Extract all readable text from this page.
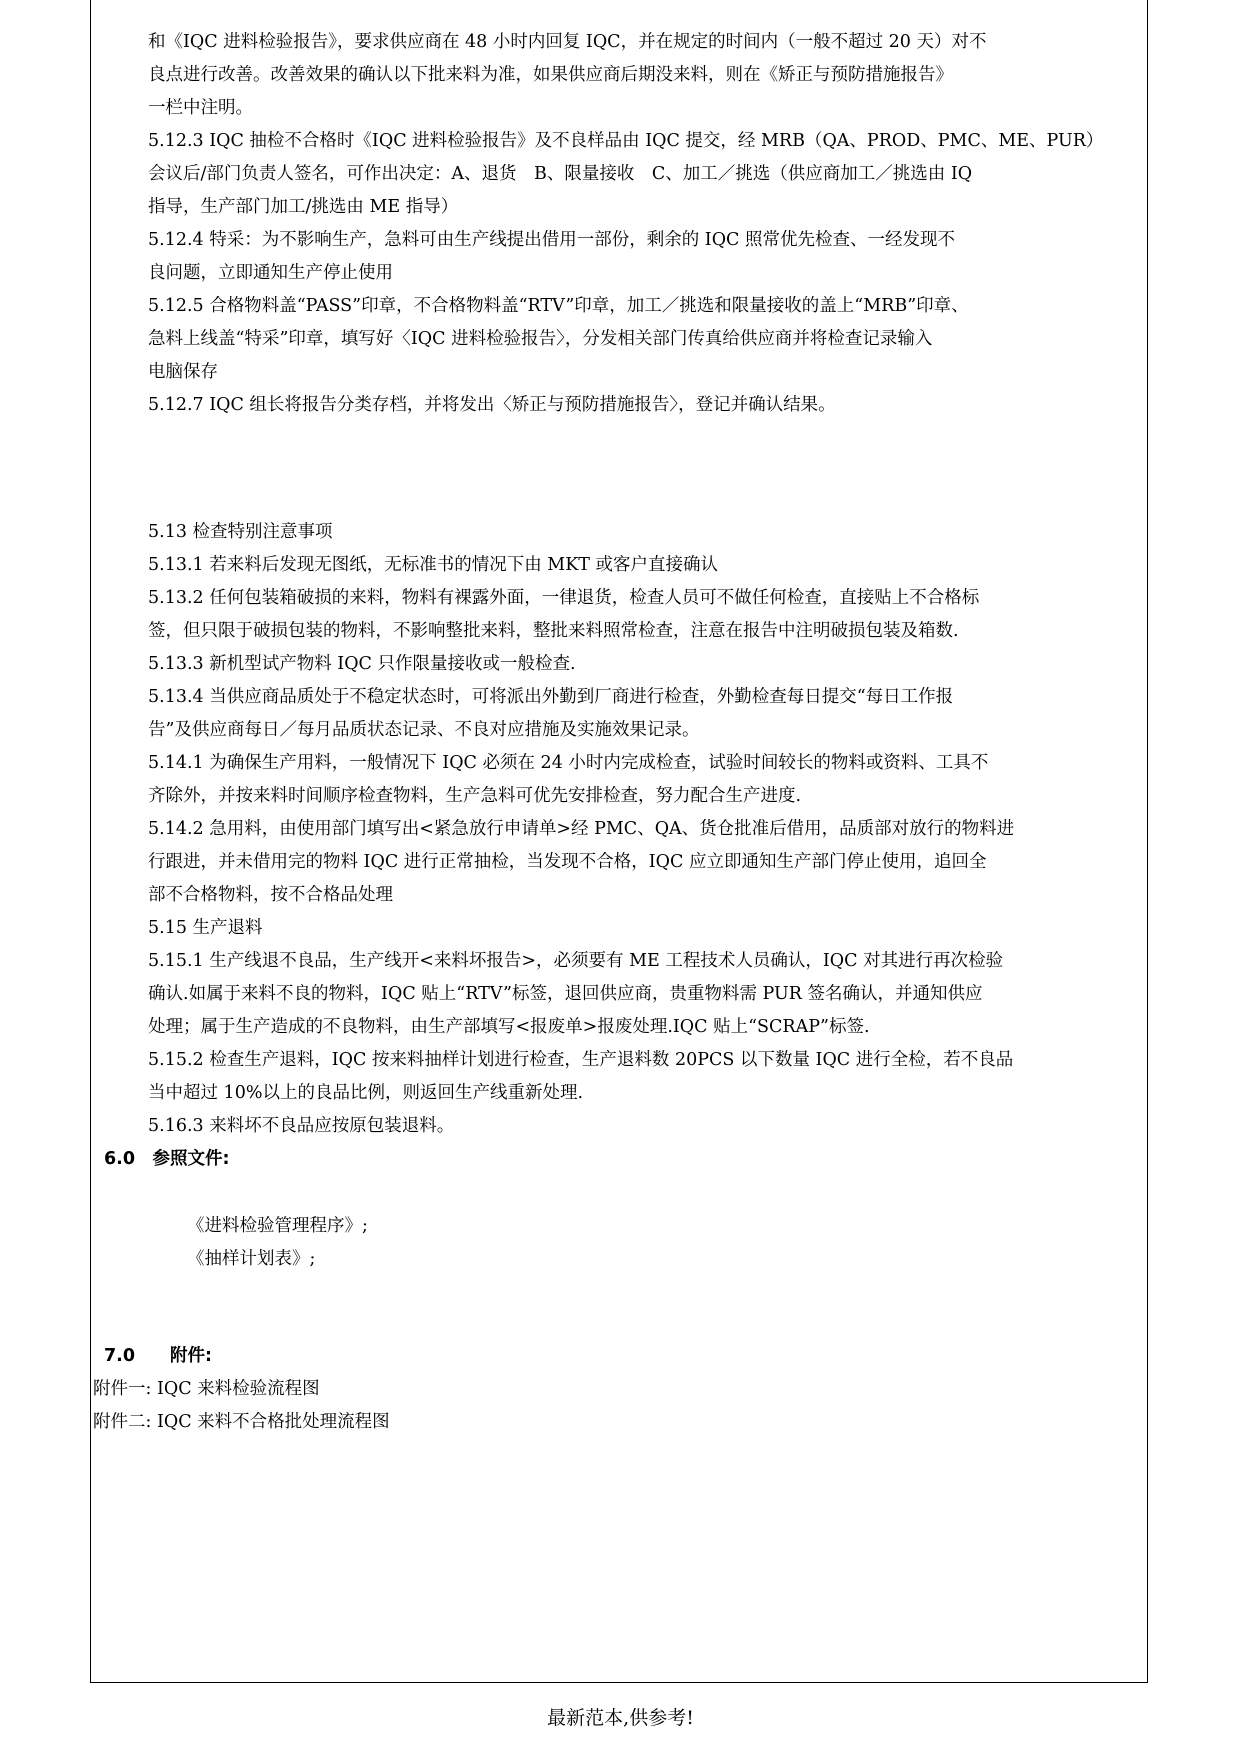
和《IQC 进料检验报告》，要求供应商在 48 小时内回复 IQC，并在规定的时间内（一般不超过 20 天）对不
良点进行改善。改善效果的确认以下批来料为准，如果供应商后期没来料，则在《矫正与预防措施报告》
一栏中注明。
5.12.3 IQC 抽检不合格时《IQC 进料检验报告》及不良样品由 IQC 提交，经 MRB（QA、PROD、PMC、ME、PUR）
会议后/部门负责人签名，可作出决定：A、退货　B、限量接收　C、加工／挑选（供应商加工／挑选由 IQ
指导，生产部门加工/挑选由 ME 指导）
5.12.4 特采：为不影响生产，急料可由生产线提出借用一部份，剩余的 IQC 照常优先检查、一经发现不
良问题，立即通知生产停止使用
5.12.5 合格物料盖“PASS”印章，不合格物料盖“RTV”印章，加工／挑选和限量接收的盖上“MRB”印章、
急料上线盖“特采”印章，填写好〈IQC 进料检验报告〉，分发相关部门传真给供应商并将检查记录输入
电脑保存
5.12.7 IQC 组长将报告分类存档，并将发出〈矫正与预防措施报告〉，登记并确认结果。
5.13 检查特别注意事项
5.13.1 若来料后发现无图纸，无标准书的情况下由 MKT 或客户直接确认
5.13.2 任何包装箱破损的来料，物料有裸露外面，一律退货，检查人员可不做任何检查，直接贴上不合格标
签，但只限于破损包装的物料，不影响整批来料，整批来料照常检查，注意在报告中注明破损包装及箱数.
5.13.3 新机型试产物料 IQC 只作限量接收或一般检查.
5.13.4 当供应商品质处于不稳定状态时，可将派出外勤到厂商进行检查，外勤检查每日提交“每日工作报
告”及供应商每日／每月品质状态记录、不良对应措施及实施效果记录。
5.14.1 为确保生产用料，一般情况下 IQC 必须在 24 小时内完成检查，试验时间较长的物料或资料、工具不
齐除外，并按来料时间顺序检查物料，生产急料可优先安排检查，努力配合生产进度.
5.14.2 急用料，由使用部门填写出<紧急放行申请单>经 PMC、QA、货仓批准后借用，品质部对放行的物料进
行跟进，并未借用完的物料 IQC 进行正常抽检，当发现不合格，IQC 应立即通知生产部门停止使用，追回全
部不合格物料，按不合格品处理
5.15 生产退料
5.15.1 生产线退不良品，生产线开<来料坏报告>，必须要有 ME 工程技术人员确认，IQC 对其进行再次检验
确认.如属于来料不良的物料，IQC 贴上“RTV”标签，退回供应商，贵重物料需 PUR 签名确认，并通知供应
处理；属于生产造成的不良物料，由生产部填写<报废单>报废处理.IQC 贴上“SCRAP”标签.
5.15.2 检查生产退料，IQC 按来料抽样计划进行检查，生产退料数 20PCS 以下数量 IQC 进行全检，若不良品
当中超过 10%以上的良品比例，则返回生产线重新处理.
5.16.3 来料坏不良品应按原包装退料。
6.0　参照文件:
《进料检验管理程序》;
《抽样计划表》;
7.0　　附件:
附件一: IQC 来料检验流程图
附件二: IQC 来料不合格批处理流程图
最新范本,供参考!
